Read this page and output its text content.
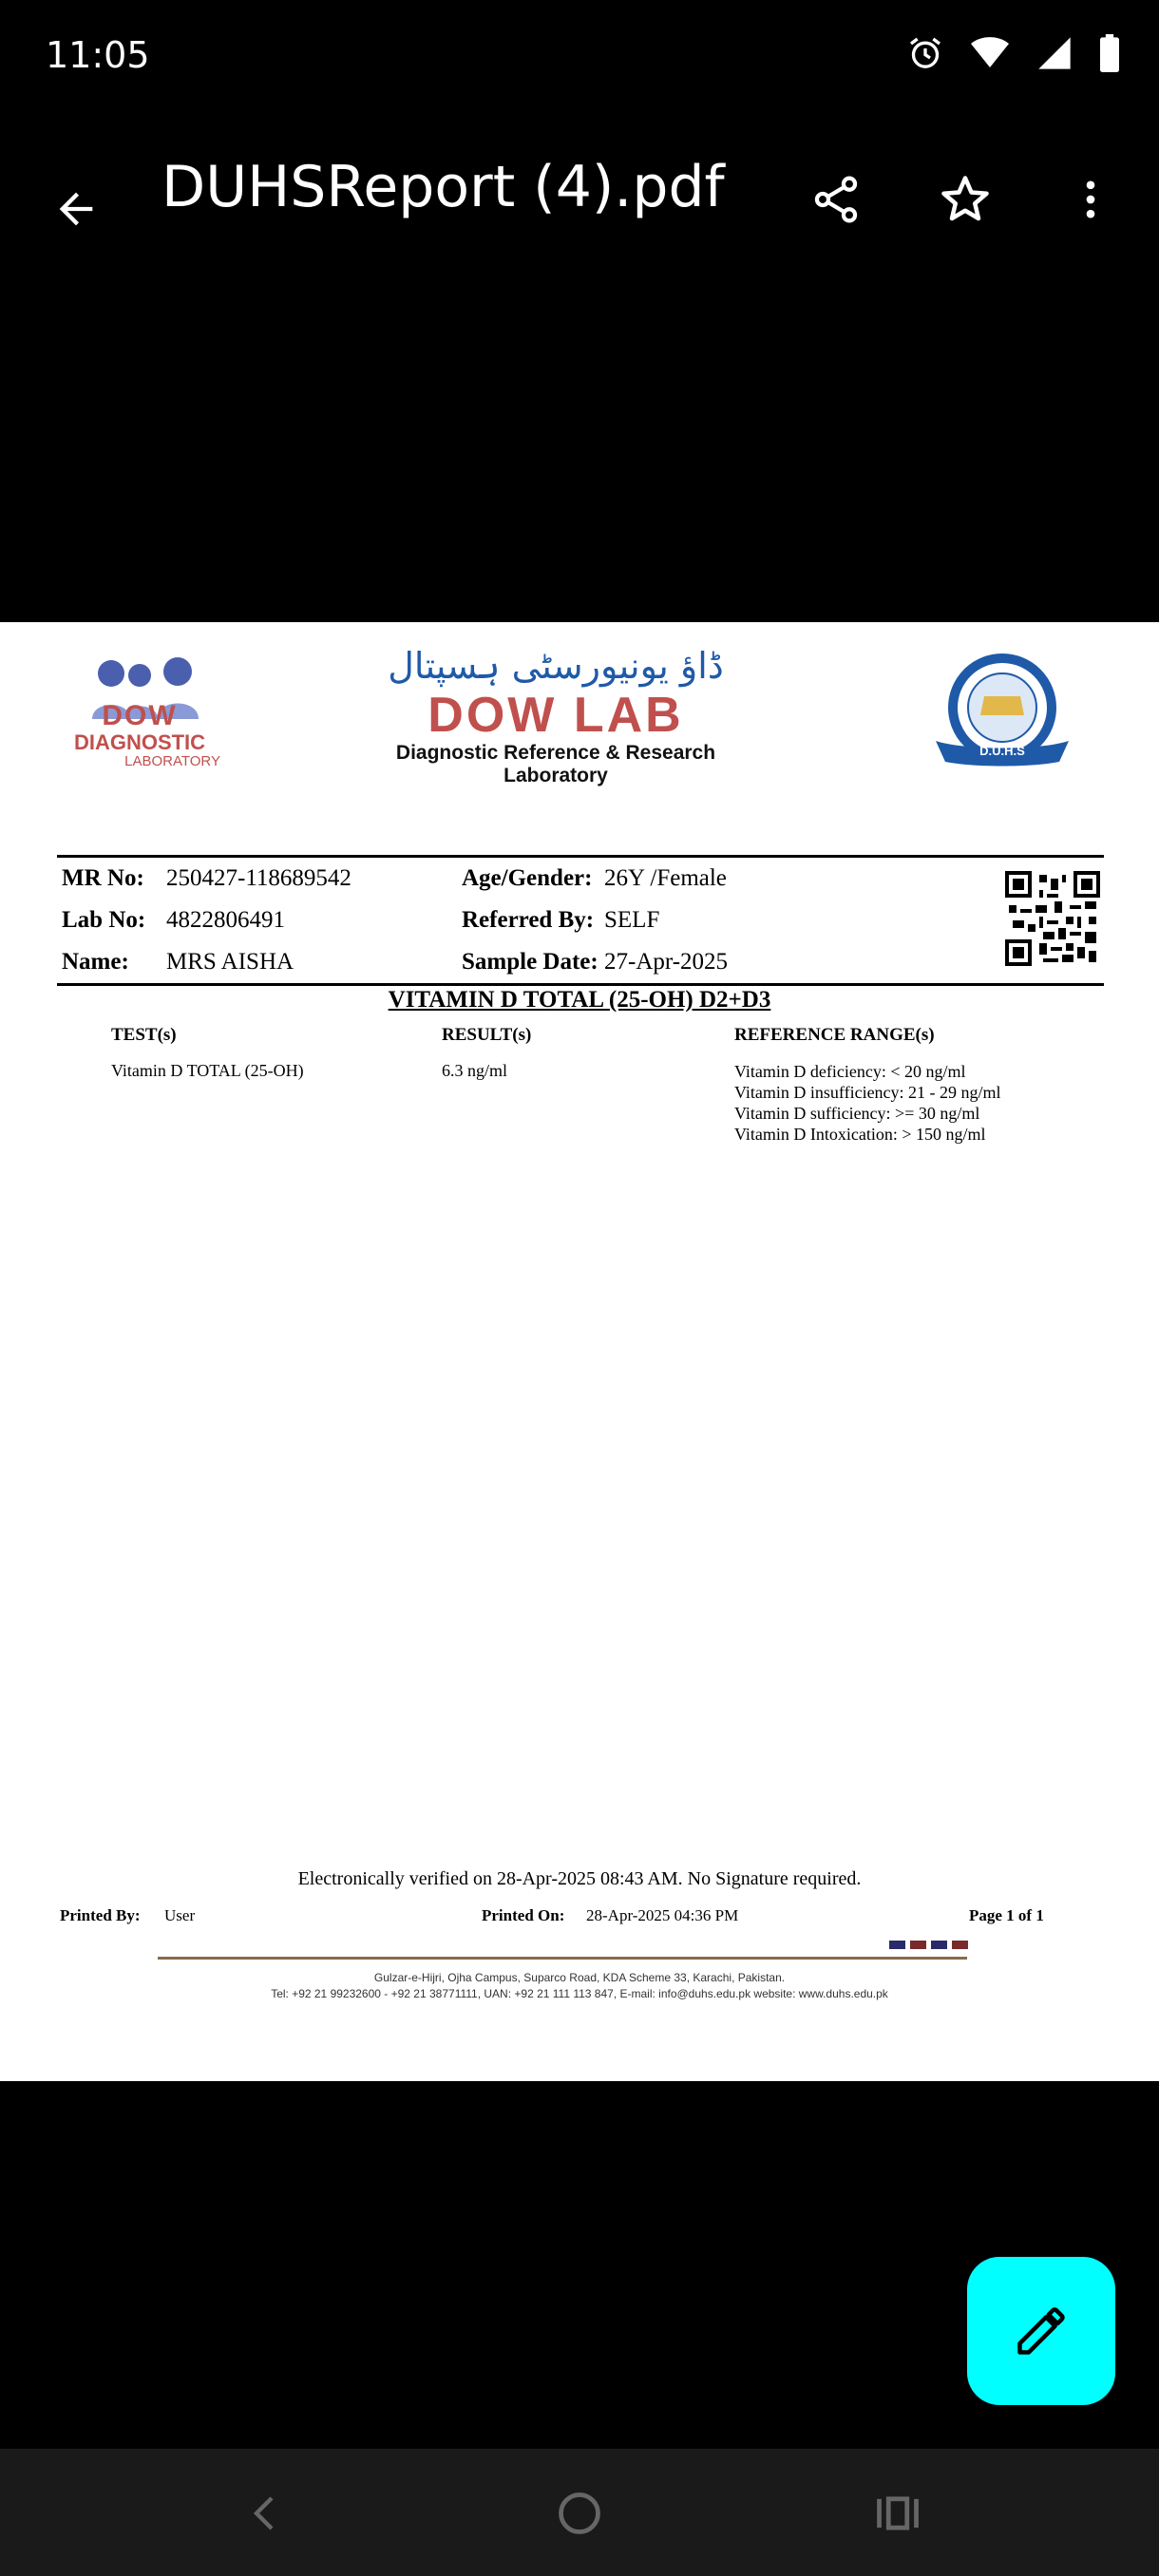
11:05
DUHSReport (4).pdf
DOW
DIAGNOSTIC
LABORATORY
ڈاؤ یونیورسٹی ہسپتال
DOW LAB
Diagnostic Reference & Research Laboratory
D.U.H.S
MR No: 250427-118689542
Lab No: 4822806491
Name: MRS AISHA
Age/Gender: 26Y /Female
Referred By: SELF
Sample Date: 27-Apr-2025
VITAMIN D TOTAL (25-OH) D2+D3
TEST(s)	RESULT(s)	REFERENCE RANGE(s)
Vitamin D TOTAL (25-OH)	6.3 ng/ml	Vitamin D deficiency: < 20 ng/ml
Vitamin D insufficiency: 21 - 29 ng/ml
Vitamin D sufficiency: >= 30 ng/ml
Vitamin D Intoxication: > 150 ng/ml
Electronically verified on 28-Apr-2025 08:43 AM. No Signature required.
Printed By: User	Printed On: 28-Apr-2025 04:36 PM	Page 1 of 1
Gulzar-e-Hijri, Ojha Campus, Suparco Road, KDA Scheme 33, Karachi, Pakistan.
Tel: +92 21 99232600 - +92 21 38771111, UAN: +92 21 111 113 847, E-mail: info@duhs.edu.pk website: www.duhs.edu.pk
